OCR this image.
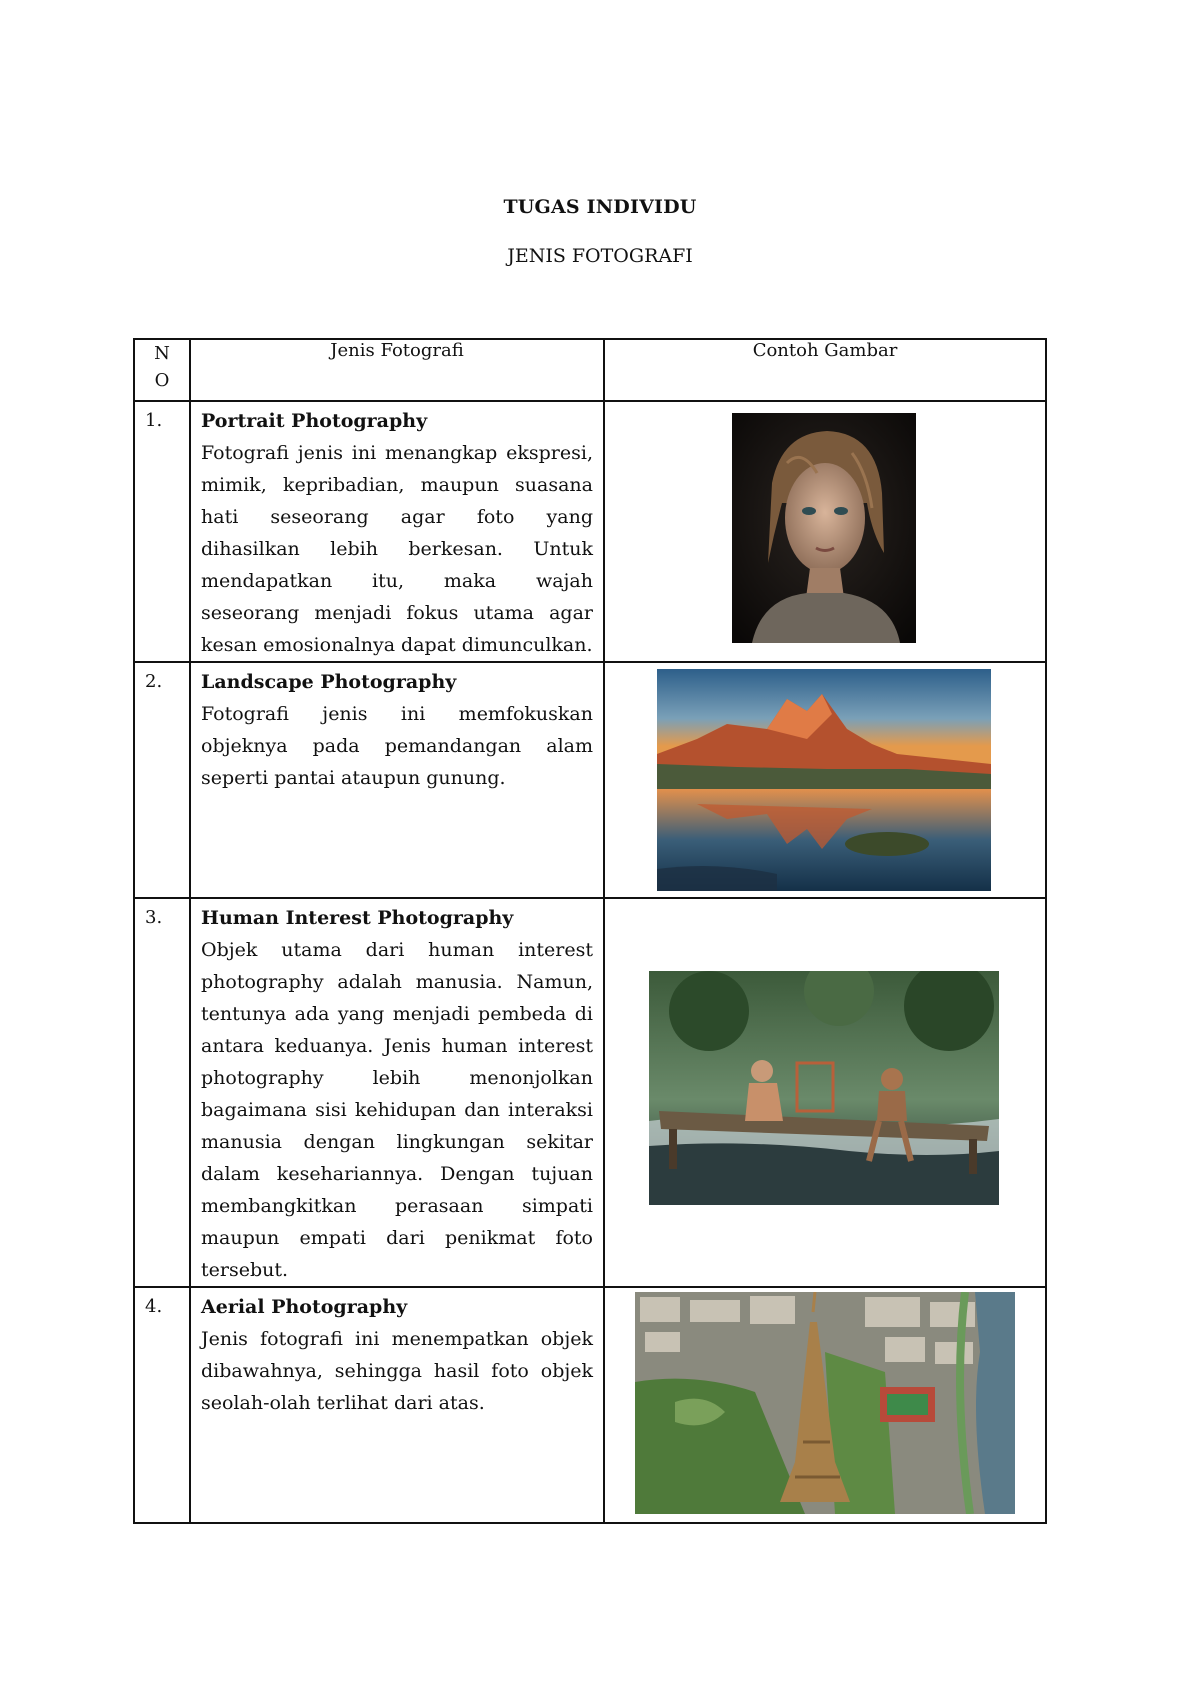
TUGAS INDIVIDU
JENIS FOTOGRAFI
N
O	Jenis Fotografi	Contoh Gambar
1.	Portrait Photography
Fotografi jenis ini menangkap ekspresi, mimik, kepribadian, maupun suasana hati seseorang agar foto yang dihasilkan lebih berkesan. Untuk mendapatkan itu, maka wajah seseorang menjadi fokus utama agar kesan emosionalnya dapat dimunculkan.

2.	Landscape Photography
Fotografi jenis ini memfokuskan objeknya pada pemandangan alam seperti pantai ataupun gunung.

3.	Human Interest Photography
Objek utama dari human interest photography adalah manusia. Namun, tentunya ada yang menjadi pembeda di antara keduanya. Jenis human interest photography lebih menonjolkan bagaimana sisi kehidupan dan interaksi manusia dengan lingkungan sekitar dalam kesehariannya. Dengan tujuan membangkitkan perasaan simpati maupun empati dari penikmat foto tersebut.

4.	Aerial Photography
Jenis fotografi ini menempatkan objek dibawahnya, sehingga hasil foto objek seolah-olah terlihat dari atas.
